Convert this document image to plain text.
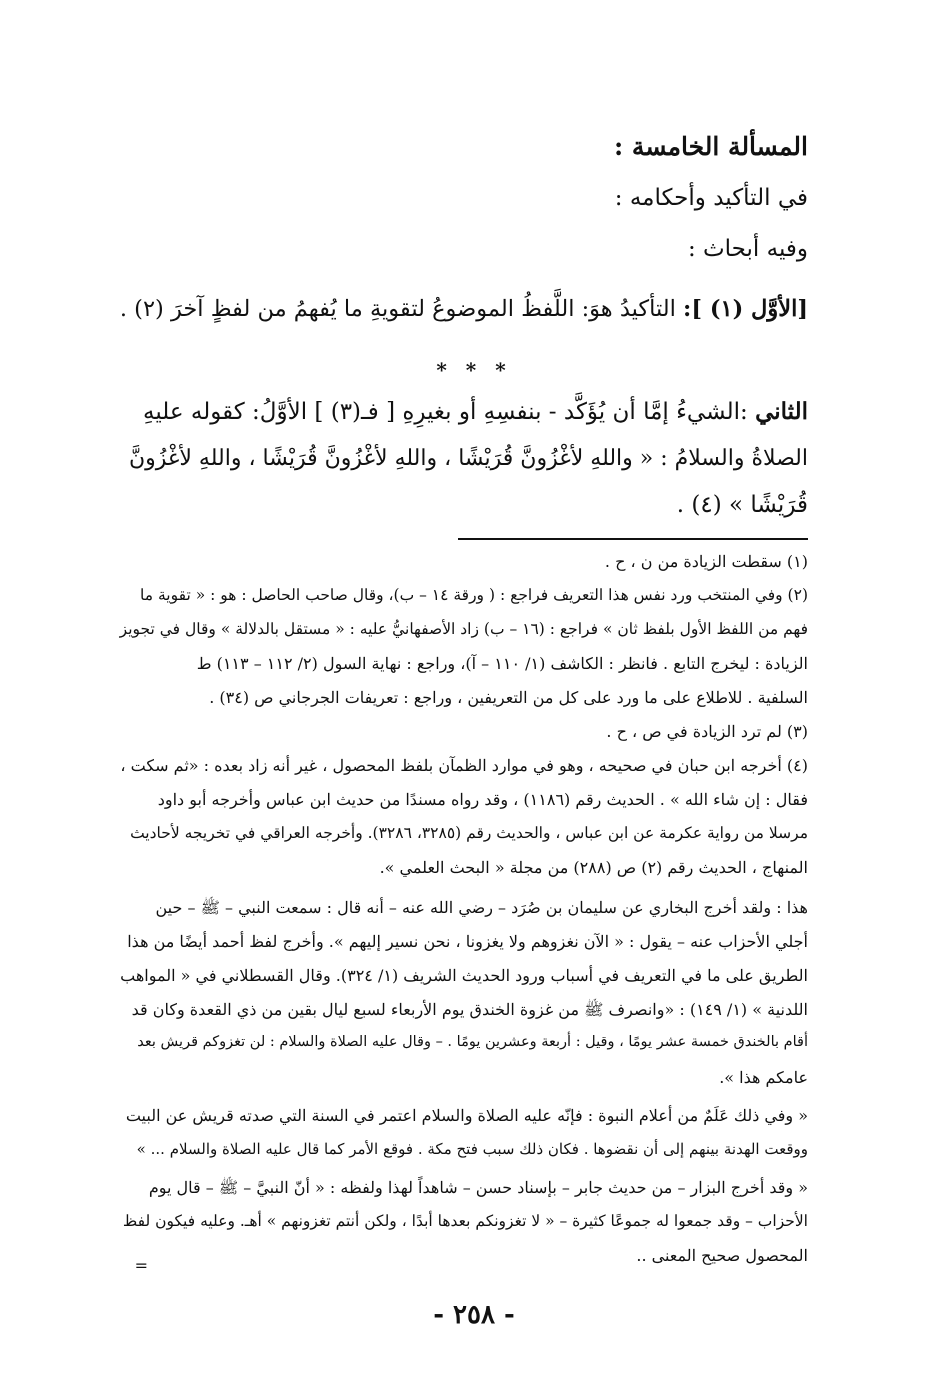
المسألة الخامسة :
في التأكيد وأحكامه :
وفيه أبحاث :
[الأوَّل (١) ]: التأكيدُ هوَ: اللَّفظُ الموضوعُ لتقويةِ ما يُفهمُ من لفظٍ آخرَ (٢) .
* * *
الثاني :الشيءُ إمَّا أن يُؤَكَّد - بنفسِهِ أو بغيرِهِ [ فـ(٣) ] الأوَّلُ: كقوله عليهِ
الصلاةُ والسلامُ : « واللهِ لأغْزُونَّ قُرَيْشًا ، واللهِ لأغْزُونَّ قُرَيْشًا ، واللهِ لأغْزُونَّ
قُرَيْشًا » (٤) .
(١) سقطت الزيادة من ن ، ح .
(٢) وفي المنتخب ورد نفس هذا التعريف فراجع : ( ورقة ١٤ – ب)، وقال صاحب الحاصل : هو : « تقوية ما
فهم من اللفظ الأول بلفظ ثان » فراجع : (١٦ – ب) زاد الأصفهانيُّ عليه : « مستقل بالدلالة » وقال في تجويز
الزيادة : ليخرج التابع . فانظر : الكاشف (١/ ١١٠ – آ)، وراجع : نهاية السول (٢/ ١١٢ – ١١٣) ط
السلفية . للاطلاع على ما ورد على كل من التعريفين ، وراجع : تعريفات الجرجاني ص (٣٤) .
(٣) لم ترد الزيادة في ص ، ح .
(٤) أخرجه ابن حبان في صحيحه ، وهو في موارد الظمآن بلفظ المحصول ، غير أنه زاد بعده : «ثم سكت ،
فقال : إن شاء الله » . الحديث رقم (١١٨٦) ، وقد رواه مسندًا من حديث ابن عباس وأخرجه أبو داود
مرسلا من رواية عكرمة عن ابن عباس ، والحديث رقم (٣٢٨٥، ٣٢٨٦). وأخرجه العراقي في تخريجه لأحاديث
المنهاج ، الحديث رقم (٢) ص (٢٨٨) من مجلة « البحث العلمي ».
هذا : ولقد أخرج البخاري عن سليمان بن صُرَد – رضي الله عنه – أنه قال : سمعت النبي – ﷺ – حين
أجلي الأحزاب عنه – يقول : « الآن نغزوهم ولا يغزونا ، نحن نسير إليهم ». وأخرج لفظ أحمد أيضًا من هذا
الطريق على ما في التعريف في أسباب ورود الحديث الشريف (١/ ٣٢٤). وقال القسطلاني في « المواهب
اللدنية » (١/ ١٤٩) : «وانصرف ﷺ من غزوة الخندق يوم الأربعاء لسبع ليال بقين من ذي القعدة وكان قد
أقام بالخندق خمسة عشر يومًا ، وقيل : أربعة وعشرين يومًا . – وقال عليه الصلاة والسلام : لن تغزوكم قريش بعد
عامكم هذا ».
« وفي ذلك عَلَمٌ من أعلام النبوة : فإنّه عليه الصلاة والسلام اعتمر في السنة التي صدته قريش عن البيت
ووقعت الهدنة بينهم إلى أن نقضوها . فكان ذلك سبب فتح مكة . فوقع الأمر كما قال عليه الصلاة والسلام ... »
« وقد أخرج البزار – من حديث جابر – بإسناد حسن – شاهداً لهذا ولفظه : « أنّ النبيَّ – ﷺ – قال يوم
الأحزاب – وقد جمعوا له جموعًا كثيرة – « لا تغزونكم بعدها أبدًا ، ولكن أنتم تغزونهم » أهـ. وعليه فيكون لفظ
المحصول صحيح المعنى ..
=
- ٢٥٨ -
